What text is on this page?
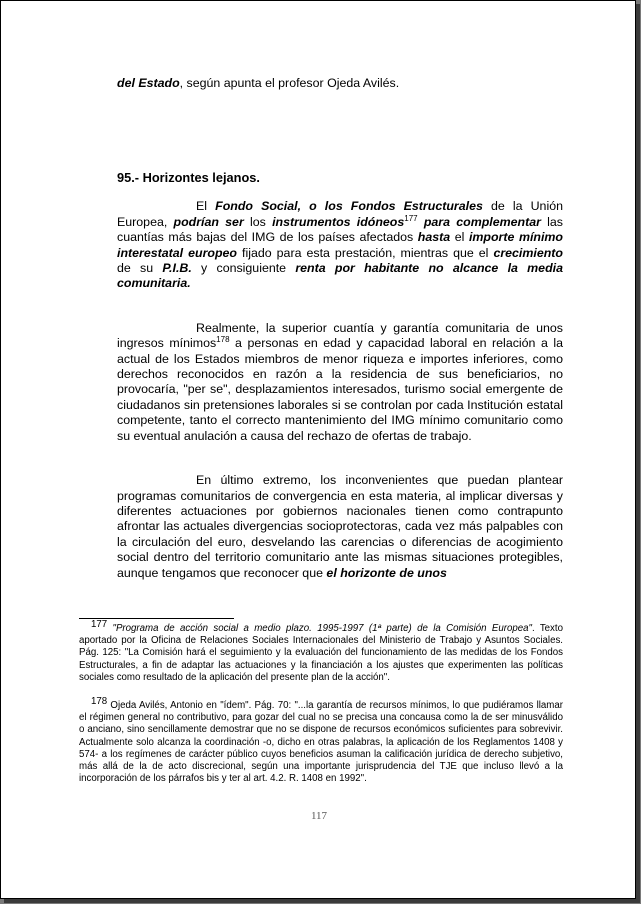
del Estado, según apunta el profesor Ojeda Avilés.

95.- Horizontes lejanos.

El Fondo Social, o los Fondos Estructurales de la Unión Europea, podrían ser los instrumentos idóneos$^{177}$ para complementar las cuantías más bajas del IMG de los países afectados hasta el importe mínimo interestatal europeo fijado para esta prestación, mientras que el crecimiento de su P.I.B. y consiguiente renta por habitante no alcance la media comunitaria.

Realmente, la superior cuantía y garantía comunitaria de unos ingresos mínimos$^{178}$ a personas en edad y capacidad laboral en relación a la actual de los Estados miembros de menor riqueza e importes inferiores, como derechos reconocidos en razón a la residencia de sus beneficiarios, no provocaría, "per se", desplazamientos interesados, turismo social emergente de ciudadanos sin pretensiones laborales si se controlan por cada Institución estatal competente, tanto el correcto mantenimiento del IMG mínimo comunitario como su eventual anulación a causa del rechazo de ofertas de trabajo.

En último extremo, los inconvenientes que puedan plantear programas comunitarios de convergencia en esta materia, al implicar diversas y diferentes actuaciones por gobiernos nacionales tienen como contrapunto afrontar las actuales divergencias socioprotectoras, cada vez más palpables con la circulación del euro, desvelando las carencias o diferencias de acogimiento social dentro del territorio comunitario ante las mismas situaciones protegibles, aunque tengamos que reconocer que el horizonte de unos

$^{177}$ "Programa de acción social a medio plazo. 1995-1997 (1ª parte) de la Comisión Europea". Texto aportado por la Oficina de Relaciones Sociales Internacionales del Ministerio de Trabajo y Asuntos Sociales. Pág. 125: "La Comisión hará el seguimiento y la evaluación del funcionamiento de las medidas de los Fondos Estructurales, a fin de adaptar las actuaciones y la financiación a los ajustes que experimenten las políticas sociales como resultado de la aplicación del presente plan de la acción".

$^{178}$ Ojeda Avilés, Antonio en "ídem". Pág. 70: "...la garantía de recursos mínimos, lo que pudiéramos llamar el régimen general no contributivo, para gozar del cual no se precisa una concausa como la de ser minusválido o anciano, sino sencillamente demostrar que no se dispone de recursos económicos suficientes para sobrevivir. Actualmente solo alcanza la coordinación -o, dicho en otras palabras, la aplicación de los Reglamentos 1408 y 574- a los regímenes de carácter público cuyos beneficios asuman la calificación jurídica de derecho subjetivo, más allá de la de acto discrecional, según una importante jurisprudencia del TJE que incluso llevó a la incorporación de los párrafos bis y ter al art. 4.2. R. 1408 en 1992".

117
